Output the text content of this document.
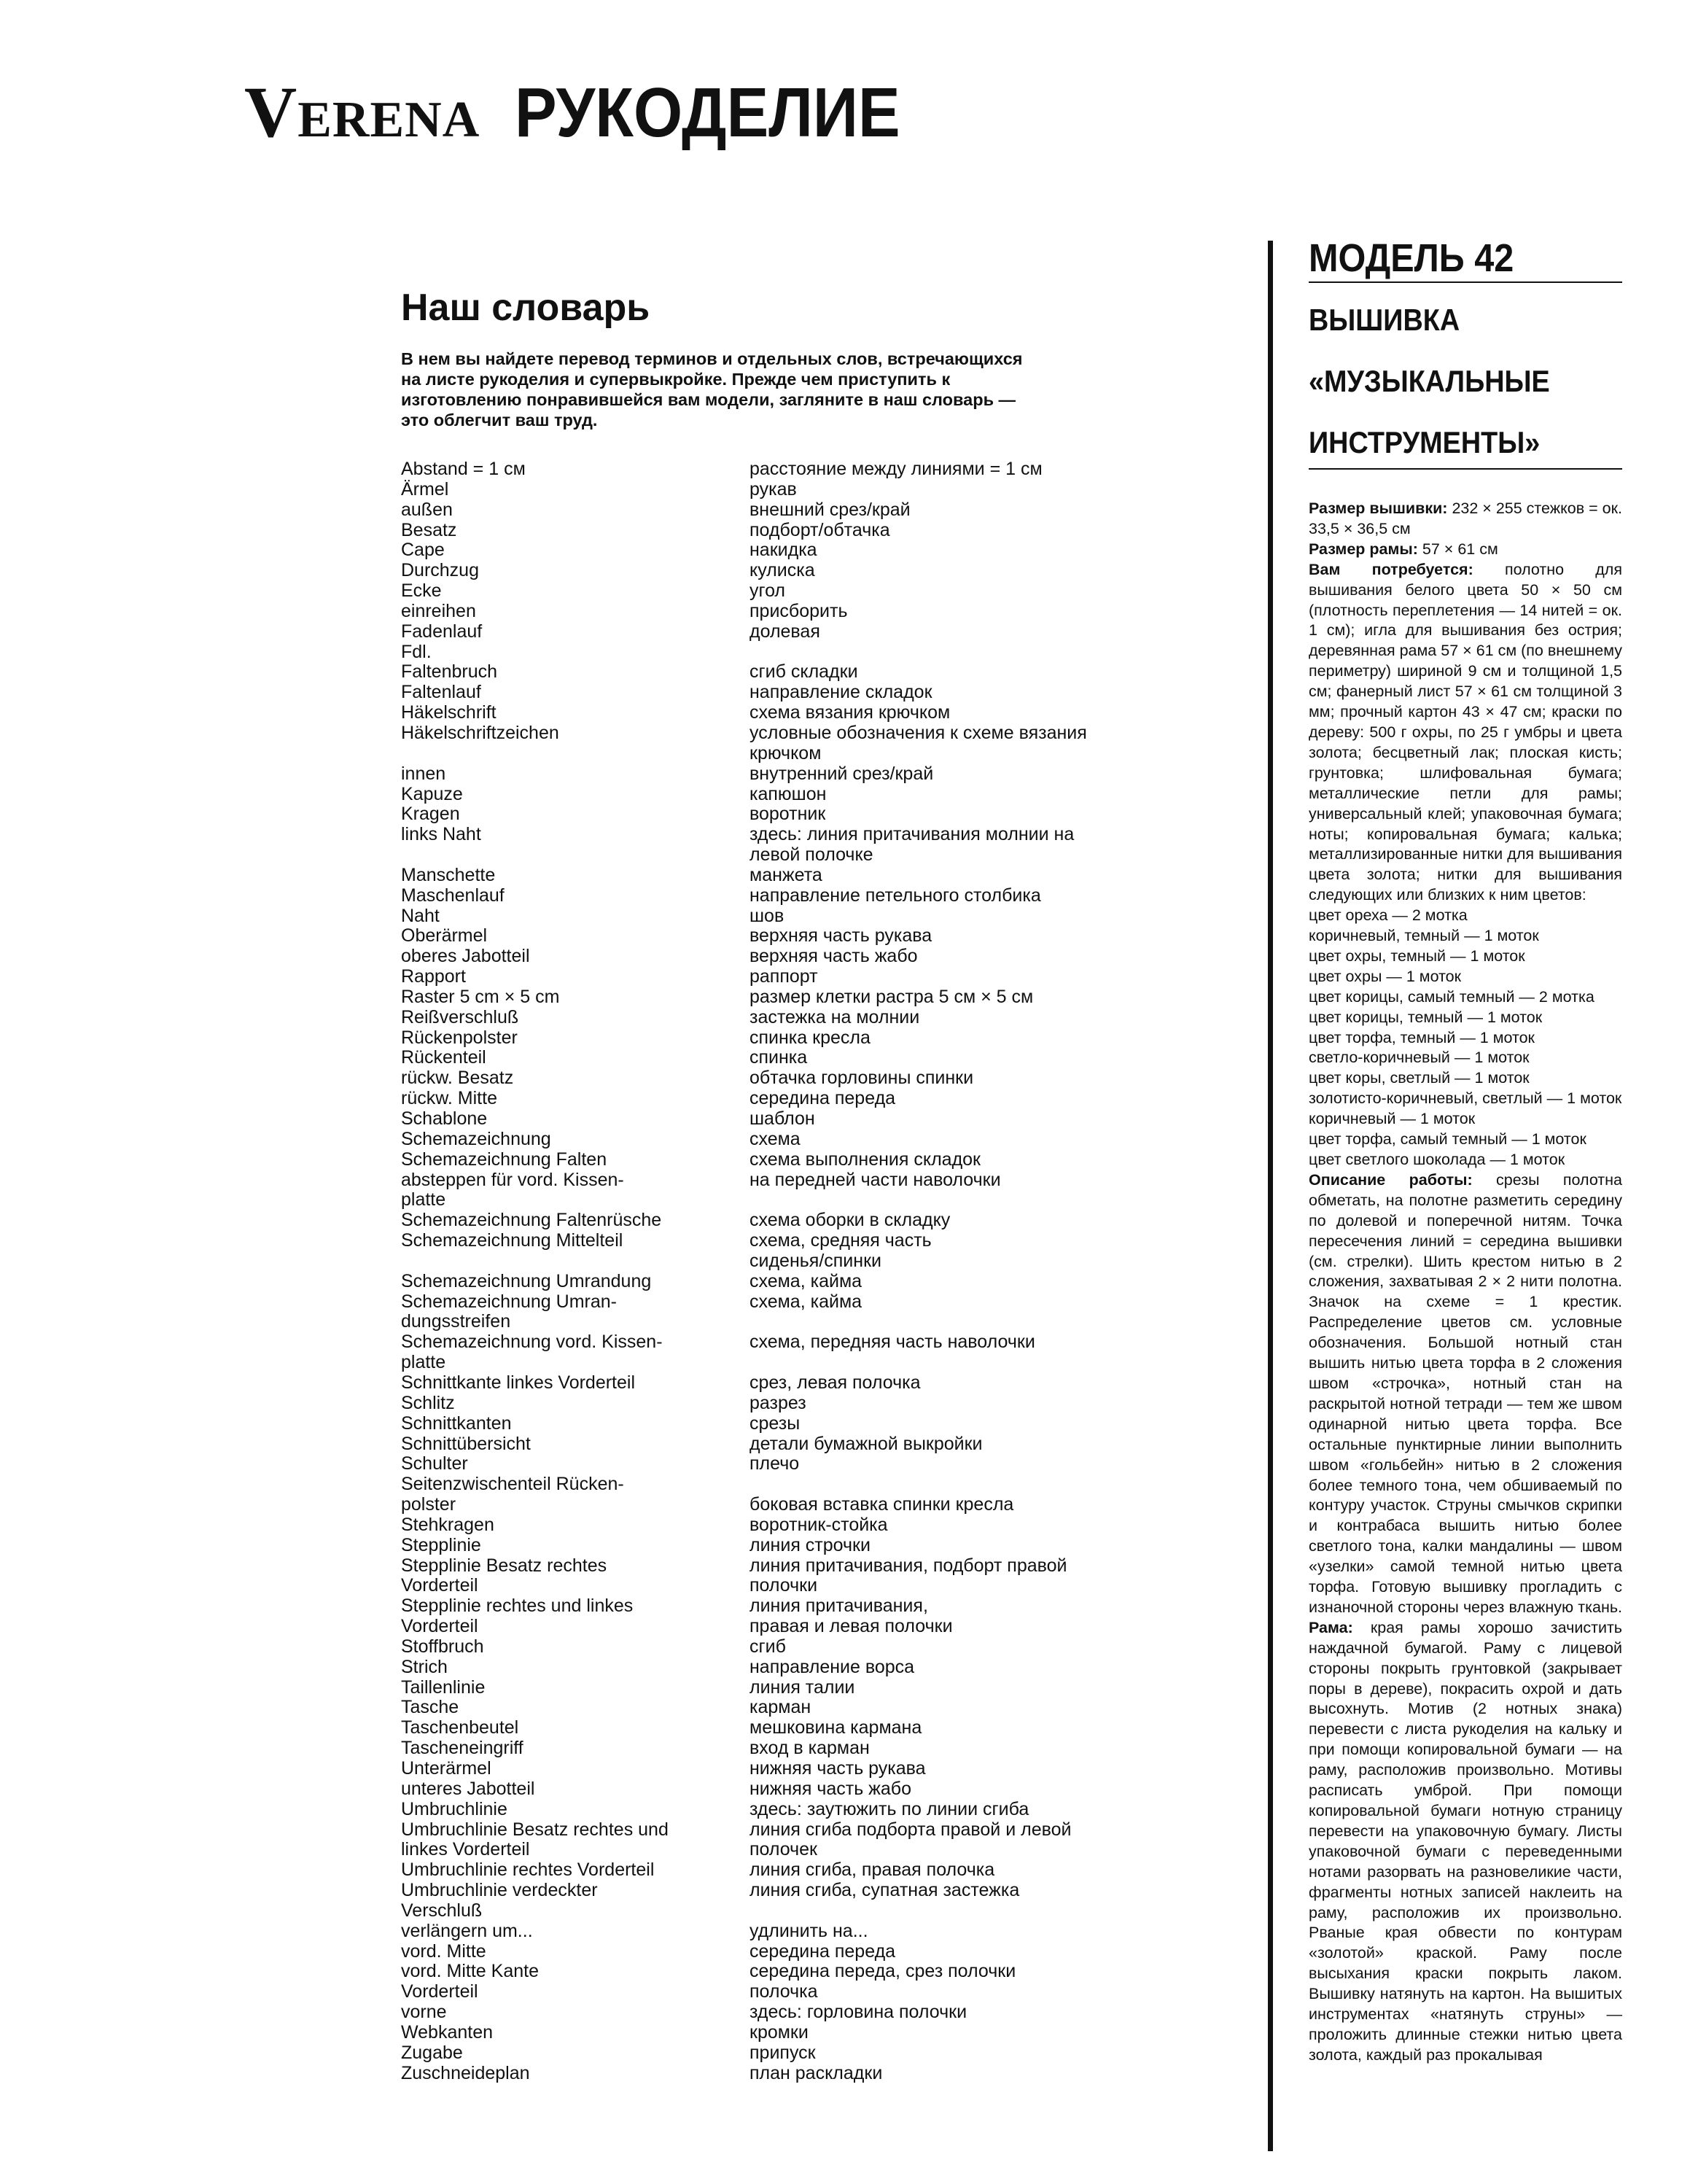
VERENA РУКОДЕЛИЕ
Наш словарь
В нем вы найдете перевод терминов и отдельных слов, встречающихся на листе рукоделия и супервыкройке. Прежде чем приступить к изготовлению понравившейся вам модели, загляните в наш словарь — это облегчит ваш труд.
Abstand = 1 см	расстояние между линиями = 1 см
Ärmel	рукав
außen	внешний срез/край
Besatz	подборт/обтачка
Cape	накидка
Durchzug	кулиска
Ecke	угол
einreihen	присборить
Fadenlauf	долевая
Fdl.
Faltenbruch	сгиб складки
Faltenlauf	направление складок
Häkelschrift	схема вязания крючком
Häkelschriftzeichen	условные обозначения к схеме вязания
крючком
innen	внутренний срез/край
Kapuze	капюшон
Kragen	воротник
links Naht	здесь: линия притачивания молнии на
левой полочке
Manschette	манжета
Maschenlauf	направление петельного столбика
Naht	шов
Oberärmel	верхняя часть рукава
oberes Jabotteil	верхняя часть жабо
Rapport	раппорт
Raster 5 cm × 5 cm	размер клетки растра 5 см × 5 см
Reißverschluß	застежка на молнии
Rückenpolster	спинка кресла
Rückenteil	спинка
rückw. Besatz	обтачка горловины спинки
rückw. Mitte	середина переда
Schablone	шаблон
Schemazeichnung	схема
Schemazeichnung Falten	схема выполнения складок
absteppen für vord. Kissen-	на передней части наволочки
platte
Schemazeichnung Faltenrüsche	схема оборки в складку
Schemazeichnung Mittelteil	схема, средняя часть
сиденья/спинки
Schemazeichnung Umrandung	схема, кайма
Schemazeichnung Umran-	схема, кайма
dungsstreifen
Schemazeichnung vord. Kissen-	схема, передняя часть наволочки
platte
Schnittkante linkes Vorderteil	срез, левая полочка
Schlitz	разрез
Schnittkanten	срезы
Schnittübersicht	детали бумажной выкройки
Schulter	плечо
Seitenzwischenteil Rücken-
polster	боковая вставка спинки кресла
Stehkragen	воротник-стойка
Stepplinie	линия строчки
Stepplinie Besatz rechtes	линия притачивания, подборт правой
Vorderteil	полочки
Stepplinie rechtes und linkes	линия притачивания,
Vorderteil	правая и левая полочки
Stoffbruch	сгиб
Strich	направление ворса
Taillenlinie	линия талии
Tasche	карман
Taschenbeutel	мешковина кармана
Tascheneingriff	вход в карман
Unterärmel	нижняя часть рукава
unteres Jabotteil	нижняя часть жабо
Umbruchlinie	здесь: заутюжить по линии сгиба
Umbruchlinie Besatz rechtes und	линия сгиба подборта правой и левой
linkes Vorderteil	полочек
Umbruchlinie rechtes Vorderteil	линия сгиба, правая полочка
Umbruchlinie verdeckter	линия сгиба, супатная застежка
Verschluß
verlängern um...	удлинить на...
vord. Mitte	середина переда
vord. Mitte Kante	середина переда, срез полочки
Vorderteil	полочка
vorne	здесь: горловина полочки
Webkanten	кромки
Zugabe	припуск
Zuschneideplan	план раскладки
МОДЕЛЬ 42
ВЫШИВКА
«МУЗЫКАЛЬНЫЕ
ИНСТРУМЕНТЫ»

Размер вышивки: 232 × 255 стежков = ок. 33,5 × 36,5 см

Размер рамы: 57 × 61 см

Вам потребуется: полотно для вышивания белого цвета 50 × 50 см (плотность переплетения — 14 нитей = ок. 1 см); игла для вышивания без острия; деревянная рама 57 × 61 см (по внешнему периметру) шириной 9 см и толщиной 1,5 см; фанерный лист 57 × 61 см толщиной 3 мм; прочный картон 43 × 47 см; краски по дереву: 500 г охры, по 25 г умбры и цвета золота; бесцветный лак; плоская кисть; грунтовка; шлифовальная бумага; металлические петли для рамы; универсальный клей; упаковочная бумага; ноты; копировальная бумага; калька; металлизированные нитки для вышивания цвета золота; нитки для вышивания следующих или близких к ним цветов:

цвет ореха — 2 мотка
коричневый, темный — 1 моток
цвет охры, темный — 1 моток
цвет охры — 1 моток
цвет корицы, самый темный — 2 мотка
цвет корицы, темный — 1 моток
цвет торфа, темный — 1 моток
светло-коричневый — 1 моток
цвет коры, светлый — 1 моток
золотисто-коричневый, светлый — 1 моток
коричневый — 1 моток
цвет торфа, самый темный — 1 моток
цвет светлого шоколада — 1 моток

Описание работы: срезы полотна обметать, на полотне разметить середину по долевой и поперечной нитям. Точка пересечения линий = середина вышивки (см. стрелки). Шить крестом нитью в 2 сложения, захватывая 2 × 2 нити полотна. Значок на схеме = 1 крестик. Распределение цветов см. условные обозначения. Большой нотный стан вышить нитью цвета торфа в 2 сложения швом «строчка», нотный стан на раскрытой нотной тетради — тем же швом одинарной нитью цвета торфа. Все остальные пунктирные линии выполнить швом «гольбейн» нитью в 2 сложения более темного тона, чем обшиваемый по контуру участок. Струны смычков скрипки и контрабаса вышить нитью более светлого тона, калки мандалины — швом «узелки» самой темной нитью цвета торфа. Готовую вышивку прогладить с изнаночной стороны через влажную ткань. Рама: края рамы хорошо зачистить наждачной бумагой. Раму с лицевой стороны покрыть грунтовкой (закрывает поры в дереве), покрасить охрой и дать высохнуть. Мотив (2 нотных знака) перевести с листа рукоделия на кальку и при помощи копировальной бумаги — на раму, расположив произвольно. Мотивы расписать умброй. При помощи копировальной бумаги нотную страницу перевести на упаковочную бумагу. Листы упаковочной бумаги с переведенными нотами разорвать на разновеликие части, фрагменты нотных записей наклеить на раму, расположив их произвольно. Рваные края обвести по контурам «золотой» краской. Раму после высыхания краски покрыть лаком. Вышивку натянуть на картон. На вышитых инструментах «натянуть струны» — проложить длинные стежки нитью цвета золота, каждый раз прокалывая
